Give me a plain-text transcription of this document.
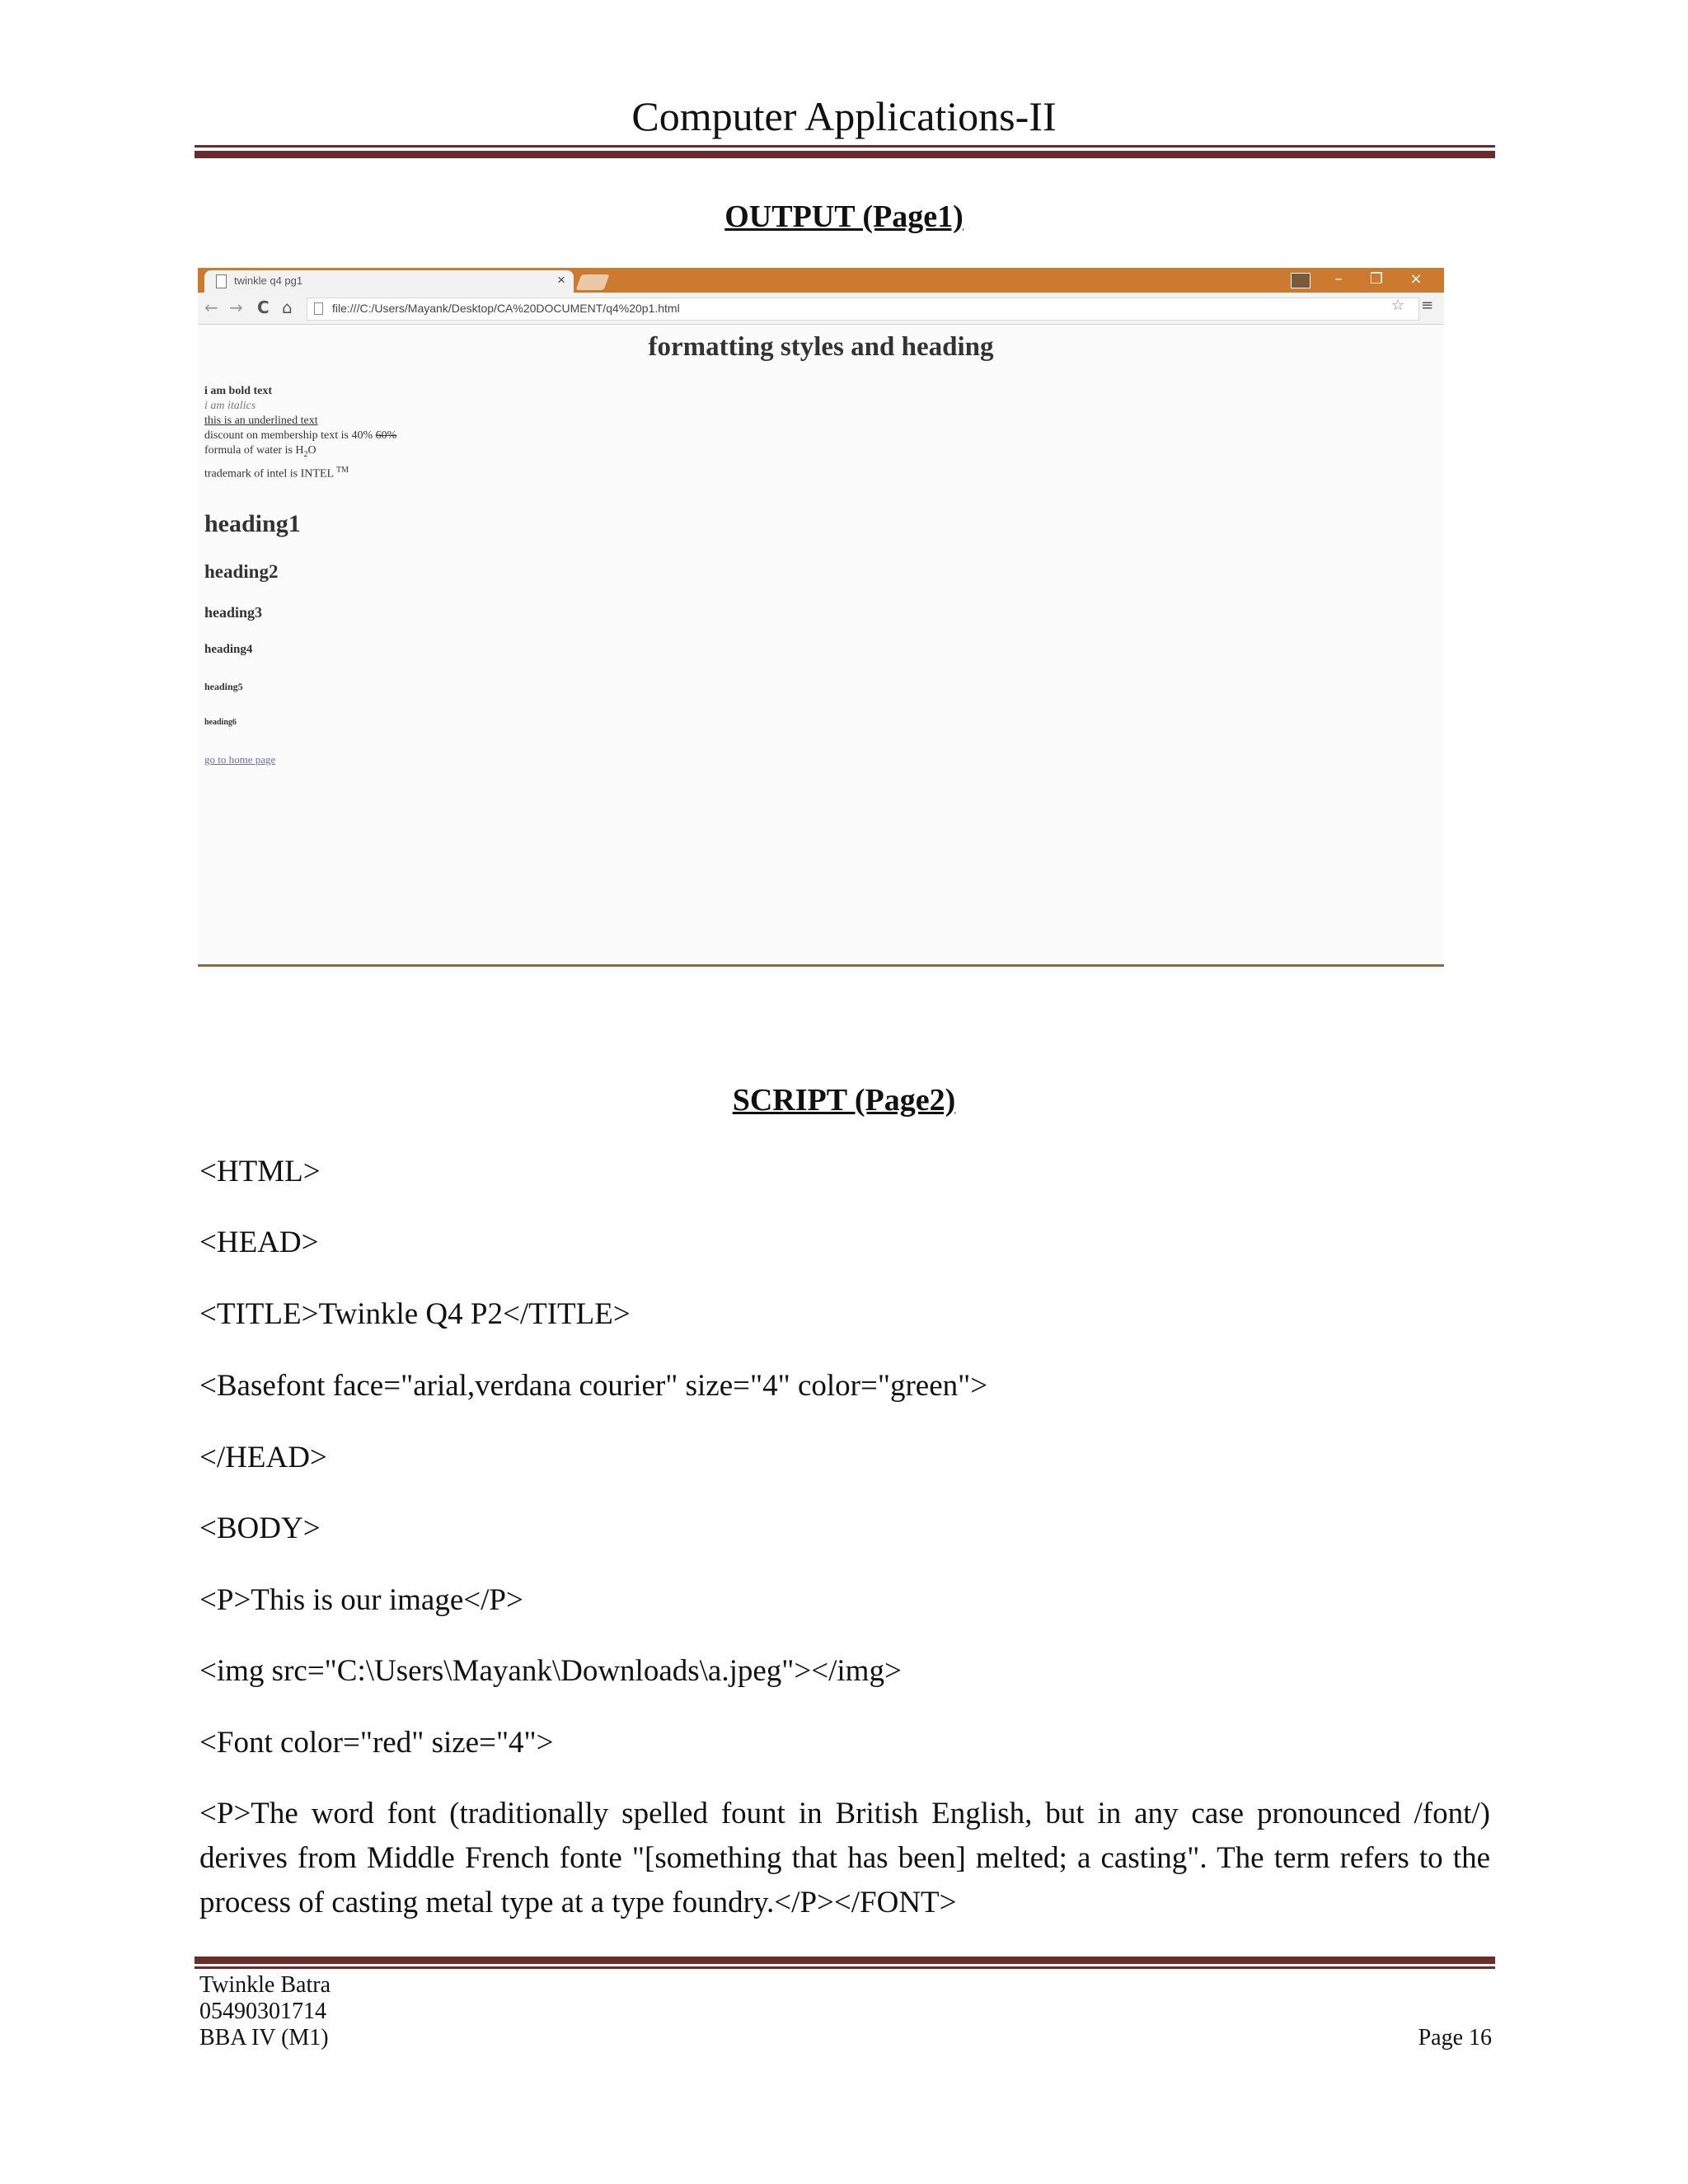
Computer Applications-II
OUTPUT (Page1)
twinkle q4 pg1	×	–	❐	×
← → C ⌂	file:///C:/Users/Mayank/Desktop/CA%20DOCUMENT/q4%20p1.html	☆ ≡
formatting styles and heading
i am bold text
i am italics
this is an underlined text
discount on membership text is 40% 60%
formula of water is $H_2O$
trademark of intel is INTEL ™
heading1
heading2
heading3
heading4
heading5
heading6
go to home page
SCRIPT (Page2)
<HTML>
<HEAD>
<TITLE>Twinkle Q4 P2</TITLE>
<Basefont face="arial,verdana courier" size="4" color="green">
</HEAD>
<BODY>
<P>This is our image</P>
<img src="C:\Users\Mayank\Downloads\a.jpeg"></img>
<Font color="red" size="4">
<P>The word font (traditionally spelled fount in British English, but in any case pronounced /font/) derives from Middle French fonte "[something that has been] melted; a casting". The term refers to the process of casting metal type at a type foundry.</P></FONT>
Twinkle Batra
05490301714
BBA IV (M1)	Page 16
